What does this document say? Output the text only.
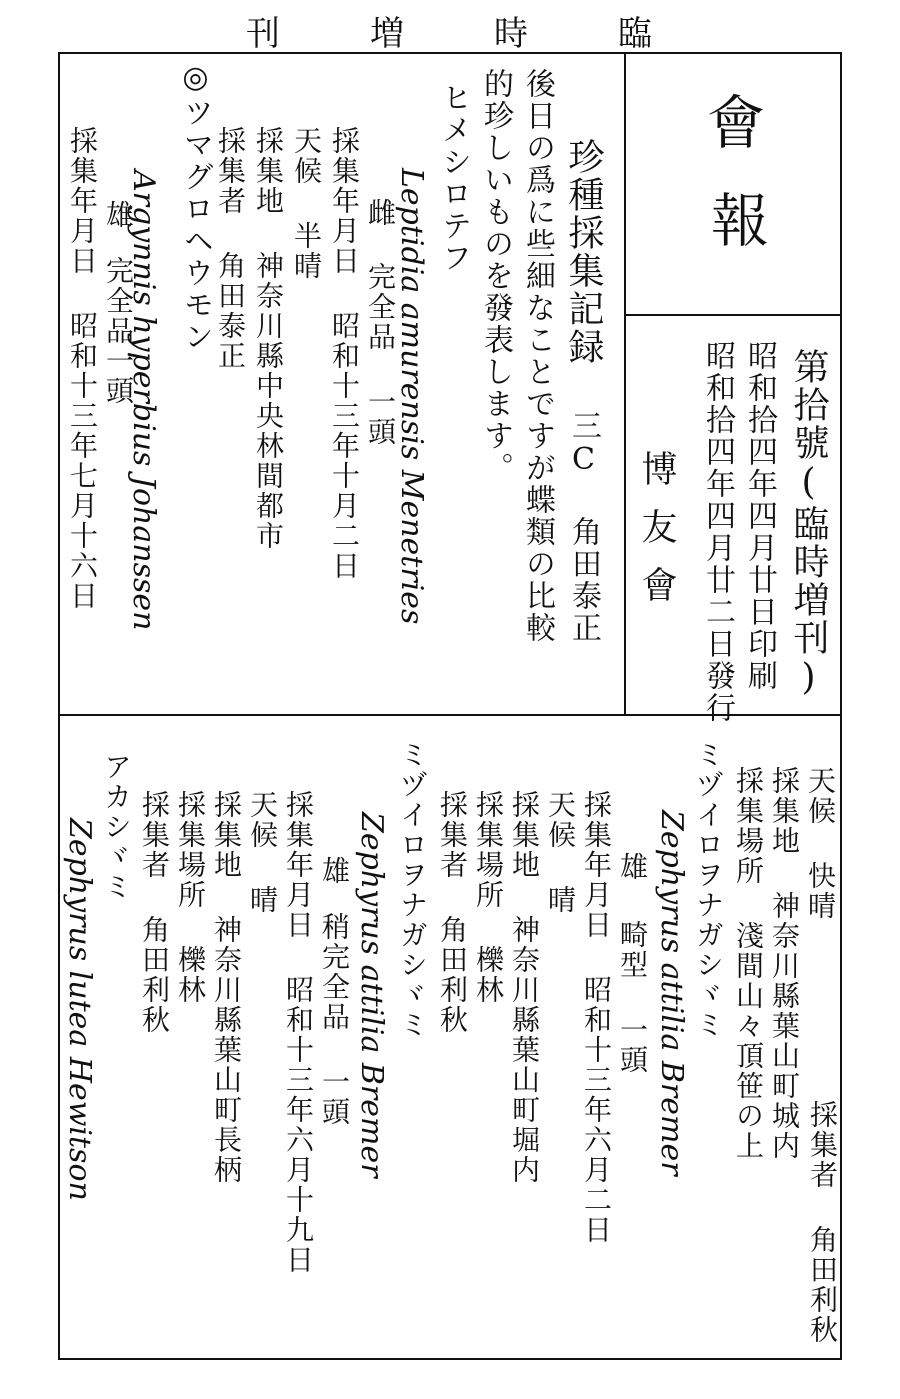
刊	増	時	臨
會
報
第拾號(臨時増刊)
昭和拾四年四月廿日印刷
昭和拾四年四月廿二日發行
博友會
珍種採集記録
三C 角田泰正
後日の爲に些細なことですが蝶類の比較
的珍しいものを發表します。
ヒメシロテフ
Leptidia amurensis Menetries
雌
完全品 一頭
採集年月日 昭和十三年十月二日
天候 半晴
採集地 神奈川縣中央林間都市
採集者 角田泰正
◎ツマグロヘウモン
Argynnis hyperbius Johanssen
雄
完全品一頭
採集年月日 昭和十三年七月十六日
天候 快晴
採集地 神奈川縣葉山町城内
採集場所 淺間山々頂笹の上
採集者 角田利秋
ミヅイロヲナガシヾミ
Zephyrus attilia Bremer
雄
畸型 一頭
採集年月日 昭和十三年六月二日
天候 晴
採集地 神奈川縣葉山町堀内
採集場所 櫟林
採集者 角田利秋
ミヅイロヲナガシヾミ
Zephyrus attilia Bremer
雄
稍完全品 一頭
採集年月日 昭和十三年六月十九日
天候 晴
採集地 神奈川縣葉山町長柄
採集場所 櫟林
採集者 角田利秋
アカシヾミ
Zephyrus lutea Hewitson
